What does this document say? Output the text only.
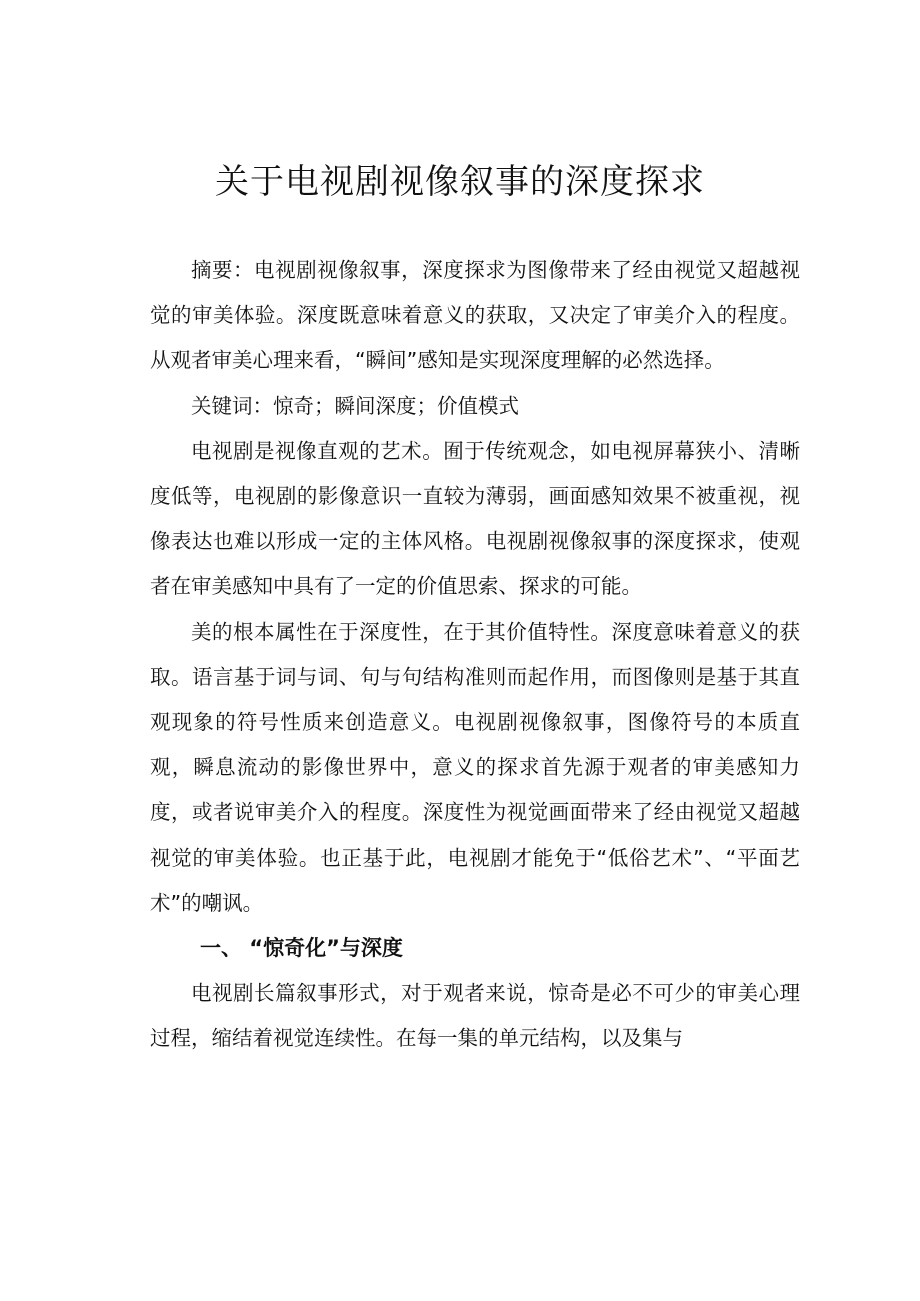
关于电视剧视像叙事的深度探求

摘要：电视剧视像叙事，深度探求为图像带来了经由视觉又超越视觉的审美体验。深度既意味着意义的获取，又决定了审美介入的程度。从观者审美心理来看，“瞬间”感知是实现深度理解的必然选择。

关键词：惊奇；瞬间深度；价值模式

电视剧是视像直观的艺术。囿于传统观念，如电视屏幕狭小、清晰度低等，电视剧的影像意识一直较为薄弱，画面感知效果不被重视，视像表达也难以形成一定的主体风格。电视剧视像叙事的深度探求，使观者在审美感知中具有了一定的价值思索、探求的可能。

美的根本属性在于深度性，在于其价值特性。深度意味着意义的获取。语言基于词与词、句与句结构准则而起作用，而图像则是基于其直观现象的符号性质来创造意义。电视剧视像叙事，图像符号的本质直观，瞬息流动的影像世界中，意义的探求首先源于观者的审美感知力度，或者说审美介入的程度。深度性为视觉画面带来了经由视觉又超越视觉的审美体验。也正基于此，电视剧才能免于“低俗艺术”、“平面艺术”的嘲讽。

一、 “惊奇化”与深度

电视剧长篇叙事形式，对于观者来说，惊奇是必不可少的审美心理过程，缩结着视觉连续性。在每一集的单元结构，以及集与
